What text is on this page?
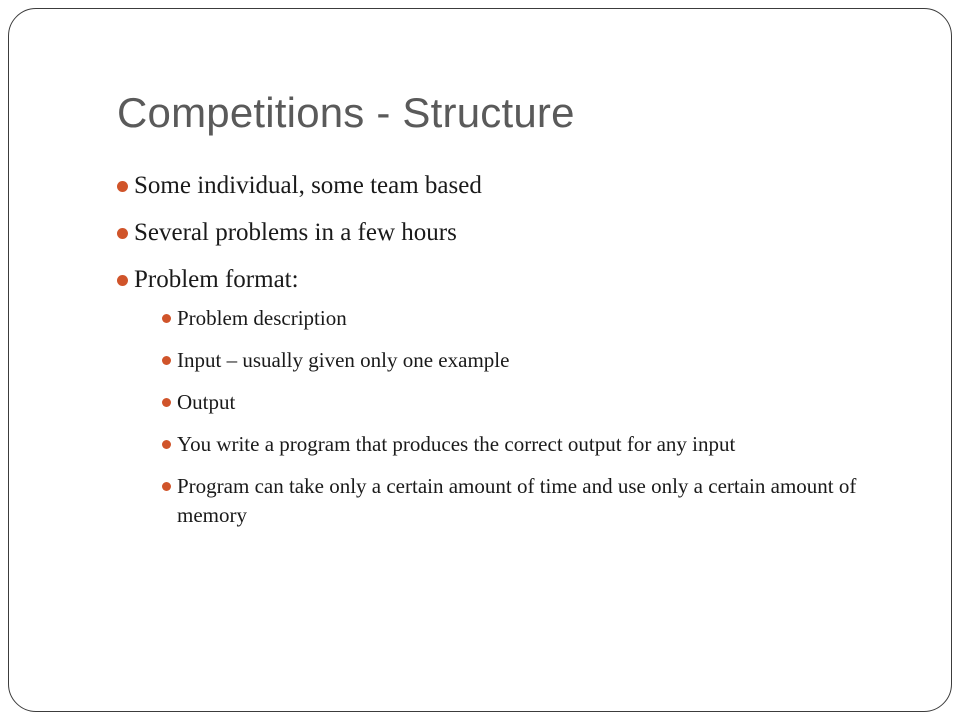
Competitions - Structure
Some individual, some team based
Several problems in a few hours
Problem format:
Problem description
Input – usually given only one example
Output
You write a program that produces the correct output for any input
Program can take only a certain amount of time and use only a certain amount of memory
